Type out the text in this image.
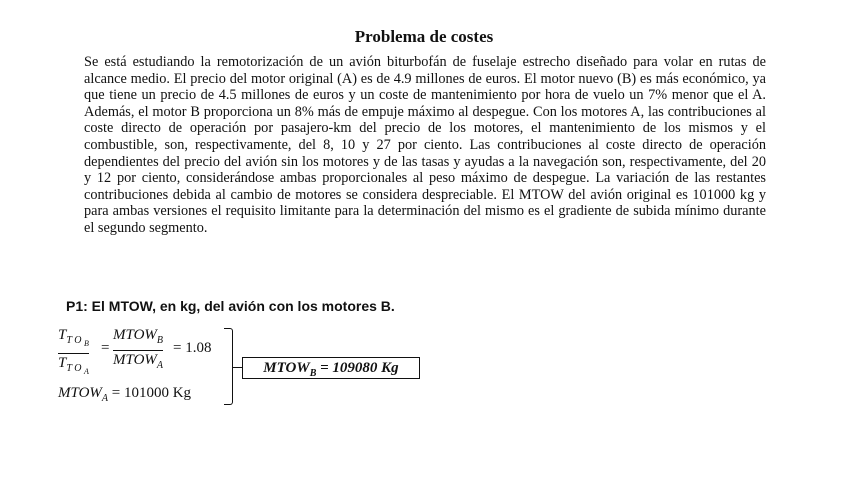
Problema de costes
Se está estudiando la remotorización de un avión biturbofán de fuselaje estrecho diseñado para volar en rutas de alcance medio. El precio del motor original (A) es de 4.9 millones de euros. El motor nuevo (B) es más económico, ya que tiene un precio de 4.5 millones de euros y un coste de mantenimiento por hora de vuelo un 7% menor que el A. Además, el motor B proporciona un 8% más de empuje máximo al despegue. Con los motores A, las contribuciones al coste directo de operación por pasajero-km del precio de los motores, el mantenimiento de los mismos y el combustible, son, respectivamente, del 8, 10 y 27 por ciento. Las contribuciones al coste directo de operación dependientes del precio del avión sin los motores y de las tasas y ayudas a la navegación son, respectivamente, del 20 y 12 por ciento, considerándose ambas proporcionales al peso máximo de despegue. La variación de las restantes contribuciones debida al cambio de motores se considera despreciable. El MTOW del avión original es 101000 kg y para ambas versiones el requisito limitante para la determinación del mismo es el gradiente de subida mínimo durante el segundo segmento.
P1: El MTOW, en kg, del avión con los motores B.
$T_{T O _B}$
$T_{T O _A}$
=
$MTOW_B$
$MTOW_A$
= 1.08
$MTOW_A = 101000$ Kg
$MTOW_B = 109080$ Kg
